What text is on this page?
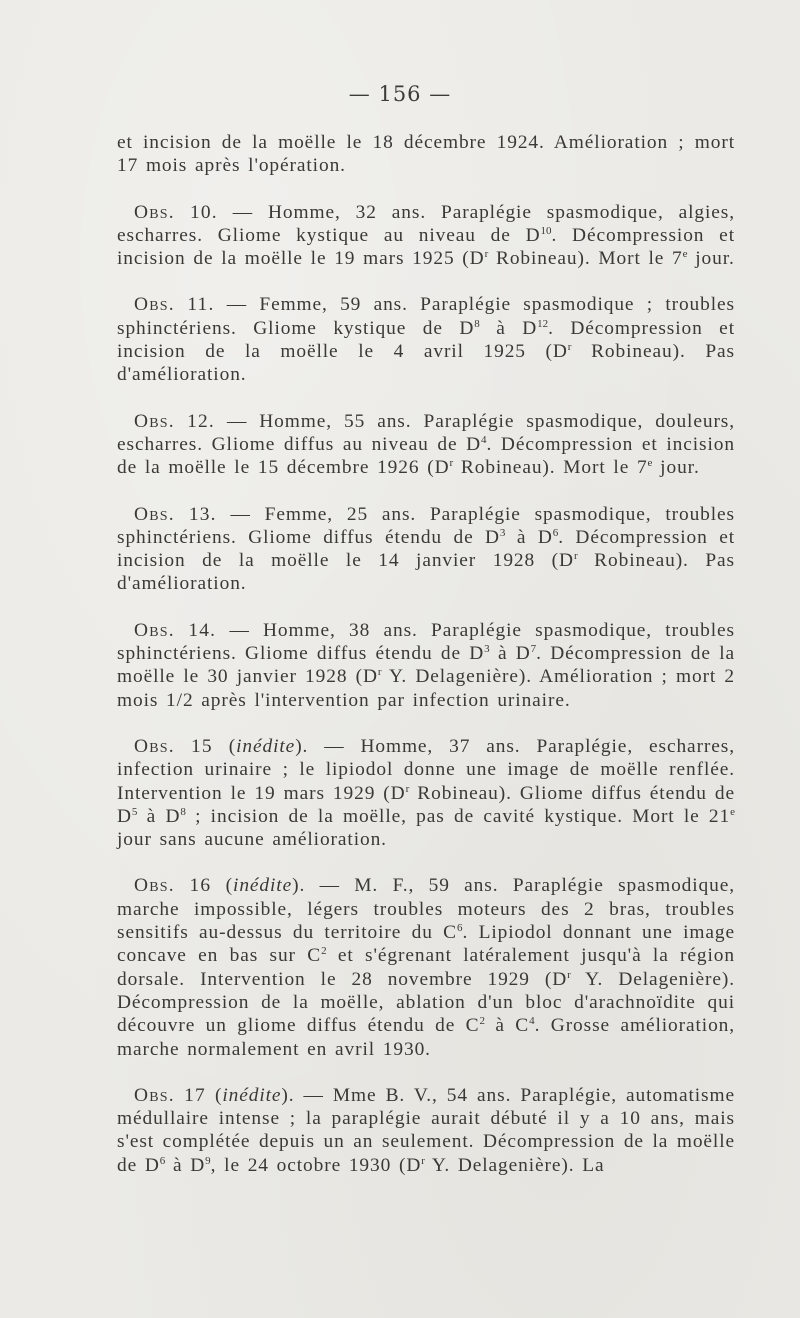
— 156 —

et incision de la moëlle le 18 décembre 1924. Amélioration ; mort 17 mois après l'opération.

Obs. 10. — Homme, 32 ans. Paraplégie spasmodique, algies, escharres. Gliome kystique au niveau de $D^{10}$. Décompression et incision de la moëlle le 19 mars 1925 ($D^r$ Robineau). Mort le 7e jour.

Obs. 11. — Femme, 59 ans. Paraplégie spasmodique ; troubles sphinctériens. Gliome kystique de $D^8$ à $D^{12}$. Décompression et incision de la moëlle le 4 avril 1925 ($D^r$ Robineau). Pas d'amélioration.

Obs. 12. — Homme, 55 ans. Paraplégie spasmodique, douleurs, escharres. Gliome diffus au niveau de $D^4$. Décompression et incision de la moëlle le 15 décembre 1926 ($D^r$ Robineau). Mort le 7e jour.

Obs. 13. — Femme, 25 ans. Paraplégie spasmodique, troubles sphinctériens. Gliome diffus étendu de $D^3$ à $D^6$. Décompression et incision de la moëlle le 14 janvier 1928 ($D^r$ Robineau). Pas d'amélioration.

Obs. 14. — Homme, 38 ans. Paraplégie spasmodique, troubles sphinctériens. Gliome diffus étendu de $D^3$ à $D^7$. Décompression de la moëlle le 30 janvier 1928 ($D^r$ Y. Delagenière). Amélioration ; mort 2 mois 1/2 après l'intervention par infection urinaire.

Obs. 15 (inédite). — Homme, 37 ans. Paraplégie, escharres, infection urinaire ; le lipiodol donne une image de moëlle renflée. Intervention le 19 mars 1929 ($D^r$ Robineau). Gliome diffus étendu de $D^5$ à $D^8$ ; incision de la moëlle, pas de cavité kystique. Mort le 21e jour sans aucune amélioration.

Obs. 16 (inédite). — M. F., 59 ans. Paraplégie spasmodique, marche impossible, légers troubles moteurs des 2 bras, troubles sensitifs au-dessus du territoire du $C^6$. Lipiodol donnant une image concave en bas sur $C^2$ et s'égrenant latéralement jusqu'à la région dorsale. Intervention le 28 novembre 1929 ($D^r$ Y. Delagenière). Décompression de la moëlle, ablation d'un bloc d'arachnoïdite qui découvre un gliome diffus étendu de $C^2$ à $C^4$. Grosse amélioration, marche normalement en avril 1930.

Obs. 17 (inédite). — Mme B. V., 54 ans. Paraplégie, automatisme médullaire intense ; la paraplégie aurait débuté il y a 10 ans, mais s'est complétée depuis un an seulement. Décompression de la moëlle de $D^6$ à $D^9$, le 24 octobre 1930 ($D^r$ Y. Delagenière). La
